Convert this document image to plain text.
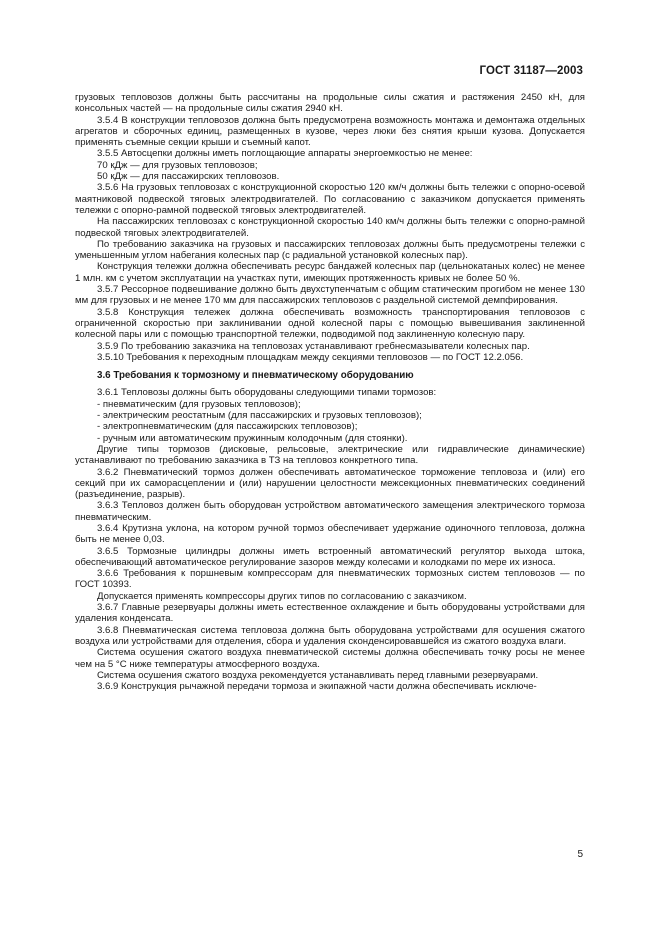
ГОСТ 31187—2003

грузовых тепловозов должны быть рассчитаны на продольные силы сжатия и растяжения 2450 кН, для консольных частей — на продольные силы сжатия 2940 кН.

3.5.4 В конструкции тепловозов должна быть предусмотрена возможность монтажа и демонтажа отдельных агрегатов и сборочных единиц, размещенных в кузове, через люки без снятия крыши кузова. Допускается применять съемные секции крыши и съемный капот.

3.5.5 Автосцепки должны иметь поглощающие аппараты энергоемкостью не менее:

70 кДж — для грузовых тепловозов;

50 кДж — для пассажирских тепловозов.

3.5.6 На грузовых тепловозах с конструкционной скоростью 120 км/ч должны быть тележки с опорно-осевой маятниковой подвеской тяговых электродвигателей. По согласованию с заказчиком допускается применять тележки с опорно-рамной подвеской тяговых электродвигателей.

На пассажирских тепловозах с конструкционной скоростью 140 км/ч должны быть тележки с опорно-рамной подвеской тяговых электродвигателей.

По требованию заказчика на грузовых и пассажирских тепловозах должны быть предусмотрены тележки с уменьшенным углом набегания колесных пар (с радиальной установкой колесных пар).

Конструкция тележки должна обеспечивать ресурс бандажей колесных пар (цельнокатаных колес) не менее 1 млн. км с учетом эксплуатации на участках пути, имеющих протяженность кривых не более 50 %.

3.5.7 Рессорное подвешивание должно быть двухступенчатым с общим статическим прогибом не менее 130 мм для грузовых и не менее 170 мм для пассажирских тепловозов с раздельной системой демпфирования.

3.5.8 Конструкция тележек должна обеспечивать возможность транспортирования тепловозов с ограниченной скоростью при заклинивании одной колесной пары с помощью вывешивания заклиненной колесной пары или с помощью транспортной тележки, подводимой под заклиненную колесную пару.

3.5.9 По требованию заказчика на тепловозах устанавливают гребнесмазыватели колесных пар.

3.5.10 Требования к переходным площадкам между секциями тепловозов — по ГОСТ 12.2.056.

3.6 Требования к тормозному и пневматическому оборудованию

3.6.1 Тепловозы должны быть оборудованы следующими типами тормозов:

- пневматическим (для грузовых тепловозов);

- электрическим реостатным (для пассажирских и грузовых тепловозов);

- электропневматическим (для пассажирских тепловозов);

- ручным или автоматическим пружинным колодочным (для стоянки).

Другие типы тормозов (дисковые, рельсовые, электрические или гидравлические динамические) устанавливают по требованию заказчика в ТЗ на тепловоз конкретного типа.

3.6.2 Пневматический тормоз должен обеспечивать автоматическое торможение тепловоза и (или) его секций при их саморасцеплении и (или) нарушении целостности межсекционных пневматических соединений (разъединение, разрыв).

3.6.3 Тепловоз должен быть оборудован устройством автоматического замещения электрического тормоза пневматическим.

3.6.4 Крутизна уклона, на котором ручной тормоз обеспечивает удержание одиночного тепловоза, должна быть не менее 0,03.

3.6.5 Тормозные цилиндры должны иметь встроенный автоматический регулятор выхода штока, обеспечивающий автоматическое регулирование зазоров между колесами и колодками по мере их износа.

3.6.6 Требования к поршневым компрессорам для пневматических тормозных систем тепловозов — по ГОСТ 10393.

Допускается применять компрессоры других типов по согласованию с заказчиком.

3.6.7 Главные резервуары должны иметь естественное охлаждение и быть оборудованы устройствами для удаления конденсата.

3.6.8 Пневматическая система тепловоза должна быть оборудована устройствами для осушения сжатого воздуха или устройствами для отделения, сбора и удаления сконденсировавшейся из сжатого воздуха влаги.

Система осушения сжатого воздуха пневматической системы должна обеспечивать точку росы не менее чем на 5 °С ниже температуры атмосферного воздуха.

Система осушения сжатого воздуха рекомендуется устанавливать перед главными резервуарами.

3.6.9 Конструкция рычажной передачи тормоза и экипажной части должна обеспечивать исключе-

5
